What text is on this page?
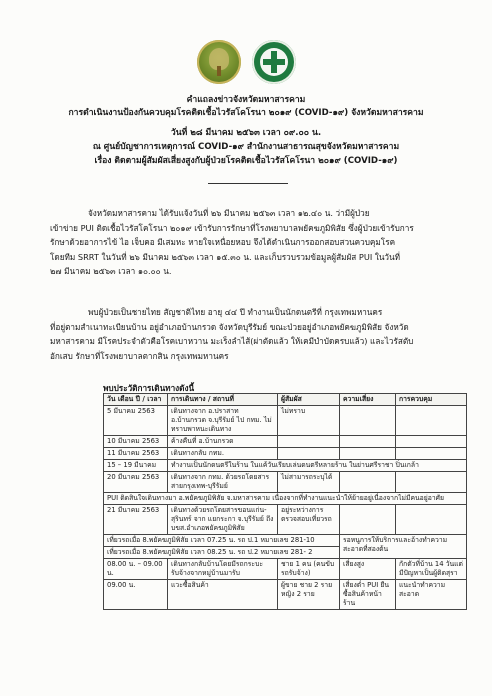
คำแถลงข่าวจังหวัดมหาสารคาม
การดำเนินงานป้องกันควบคุมโรคติดเชื้อไวรัสโคโรนา ๒๐๑๙ (COVID-๑๙) จังหวัดมหาสารคาม
วันที่ ๒๘ มีนาคม ๒๕๖๓ เวลา ๐๙.๐๐ น.
ณ ศูนย์บัญชาการเหตุการณ์ COVID-๑๙ สำนักงานสาธารณสุขจังหวัดมหาสารคาม
เรื่อง ติดตามผู้สัมผัสเสี่ยงสูงกับผู้ป่วยโรคติดเชื้อไวรัสโคโรนา ๒๐๑๙ (COVID-๑๙)
จังหวัดมหาสารคาม ได้รับแจ้งวันที่ ๒๖ มีนาคม ๒๕๖๓ เวลา ๑๒.๔๐ น. ว่ามีผู้ป่วย
เข้าข่าย PUI ติดเชื้อไวรัสโคโรนา ๒๐๑๙ เข้ารับการรักษาที่โรงพยาบาลพยัคฆภูมิพิสัย ซึ่งผู้ป่วยเข้ารับการ
รักษาด้วยอาการไข้ ไอ เจ็บคอ มีเสมหะ หายใจเหนื่อยหอบ จึงได้ดำเนินการออกสอบสวนควบคุมโรค
โดยทีม SRRT ในวันที่ ๒๖ มีนาคม ๒๕๖๓ เวลา ๑๕.๓๐ น. และเก็บรวบรวมข้อมูลผู้สัมผัส PUI ในวันที่
๒๗ มีนาคม ๒๕๖๓ เวลา ๑๐.๐๐ น.
พบผู้ป่วยเป็นชายไทย สัญชาติไทย อายุ ๔๔ ปี ทำงานเป็นนักดนตรีที่ กรุงเทพมหานคร
ที่อยู่ตามสำเนาทะเบียนบ้าน อยู่อำเภอบ้านกรวด จังหวัดบุรีรัมย์ ขณะป่วยอยู่อำเภอพยัคฆภูมิพิสัย จังหวัด
มหาสารคาม มีโรคประจำตัวคือโรคเบาหวาน มะเร็งลำไส้(ผ่าตัดแล้ว ให้เคมีบำบัดครบแล้ว) และไวรัสตับ
อักเสบ รักษาที่โรงพยาบาลตากสิน กรุงเทพมหานคร
พบประวัติการเดินทางดังนี้
วัน เดือน ปี / เวลา	การเดินทาง / สถานที่	ผู้สัมผัส	ความเสี่ยง	การควบคุม
5 มีนาคม 2563	เดินทางจาก อ.ปราสาท อ.บ้านกรวด จ.บุรีรัมย์ ไป กทม. ไม่ทราบพาหนะเดินทาง	ไม่ทราบ		
10 มีนาคม 2563	ค้างคืนที่ อ.บ้านกรวด			
11 มีนาคม 2563	เดินทางกลับ กทม.			
15 – 19 มีนาคม	ทำงานเป็นนักดนตรีในร้าน ในแค้วันเรียบเล่นดนตรีหลายร้าน ในย่านศรีราชา ปิ่นเกล้า			
20 มีนาคม 2563	เดินทางจาก กทม. ด้วยรถโดยสารสายกรุงเทพ-บุรีรัมย์	ไม่สามารถระบุได้		
PUI ติดสินใจเดินทางมา อ.พยัคฆภูมิพิสัย จ.มหาสารคาม เนื่องจากที่ทำงานแนะนำให้ย้ายอยู่เนื่องจากไม่มีคนอยู่อาศัย				
21 มีนาคม 2563	เดินทางด้วยรถโดยสารขอนแก่น-สุรินทร์ จาก แยกระกา จ.บุรีรัมย์ ถึง บขส.อำเภอพยัคฆภูมิพิสัย	อยู่ระหว่างการตรวจสอบเที่ยวรถ		
เที่ยวรถเมื่อ 8.พยัคฆภูมิพิสัย เวลา 07.25 น. รถ ป.1 หมายเลข 281-10			รอหนูการให้บริการและอ้างทำความสะอาดที่สองต้น	
เที่ยวรถเมื่อ 8.พยัคฆภูมิพิสัย เวลา 08.25 น. รถ ป.2 หมายเลข 281- 2				
08.00 น. – 09.00 น.	เดินทางกลับบ้านโดยมีรถกระบะรับจ้างจากหมู่บ้านมารับ	ชาย 1 คน (คนขับรถรับจ้าง)	เสี่ยงสูง	กักตัวที่บ้าน 14 วันแต่มีปัญหาเป็นผู้ติดสุรา
09.00 น.	แวะซื้อสินค้า	ผู้ขาย ชาย 2 ราย หญิง 2 ราย	เสี่ยงต่ำ PUI ยืนซื้อสินค้าหน้าร้าน	แนะนำทำความสะอาด
